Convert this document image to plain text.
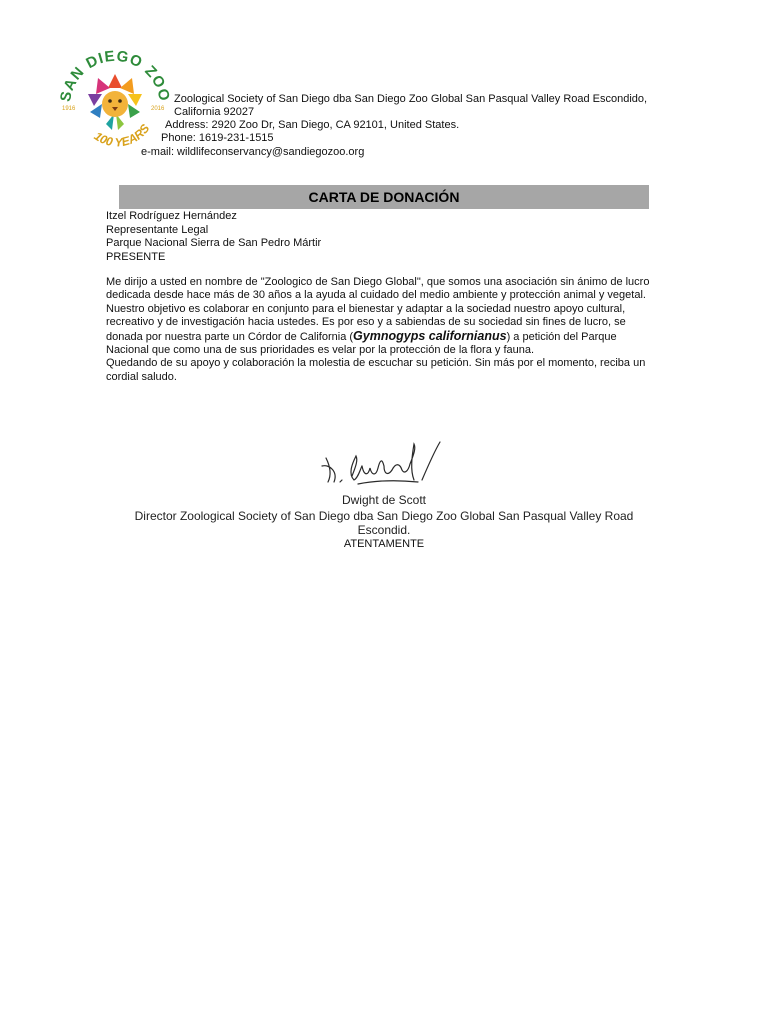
SAN DIEGO ZOO
1916	2016
100 YEARS
Zoological Society of San Diego dba San Diego Zoo Global San Pasqual Valley Road Escondido, California 92027
Address: 2920 Zoo Dr, San Diego, CA 92101, United States.
Phone: 1619-231-1515
e-mail: wildlifeconservancy@sandiegozoo.org
CARTA DE DONACIÓN
Itzel Rodríguez Hernández
Representante Legal
Parque Nacional Sierra de San Pedro Mártir
PRESENTE
Me dirijo a usted en nombre de "Zoologico de San Diego Global", que somos una asociación sin ánimo de lucro dedicada desde hace más de 30 años a la ayuda al cuidado del medio ambiente y protección animal y vegetal. Nuestro objetivo es colaborar en conjunto para el bienestar y adaptar a la sociedad nuestro apoyo cultural, recreativo y de investigación hacia ustedes. Es por eso y a sabiendas de su sociedad sin fines de lucro, se donada por nuestra parte un Córdor de California (Gymnogyps californianus) a petición del Parque Nacional que como una de sus prioridades es velar por la protección de la flora y fauna.
Quedando de su apoyo y colaboración la molestia de escuchar su petición. Sin más por el momento, reciba un cordial saludo.
Dwight de Scott
Director Zoological Society of San Diego dba San Diego Zoo Global San Pasqual Valley Road Escondid.
ATENTAMENTE
